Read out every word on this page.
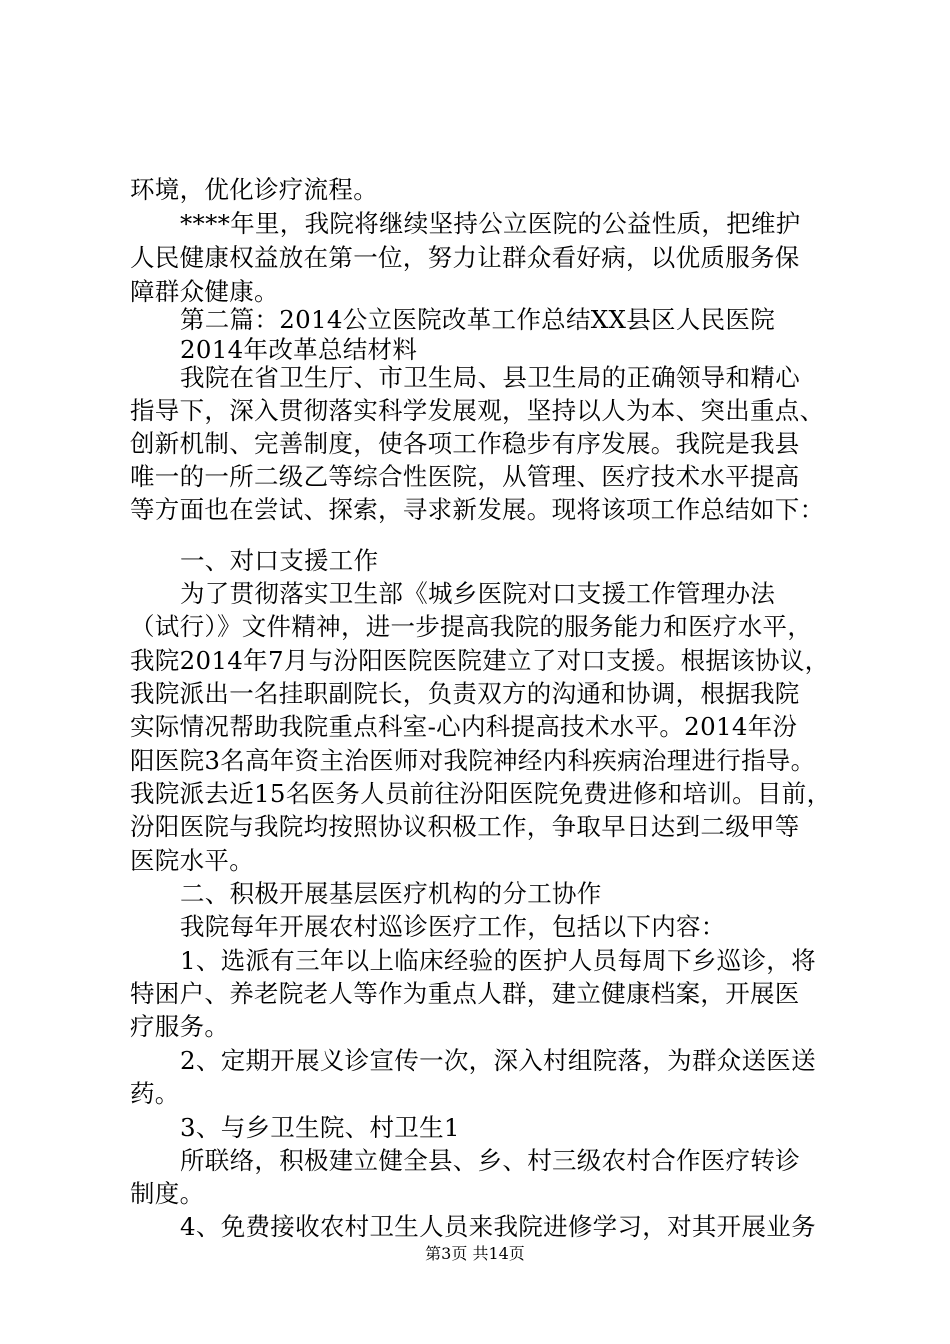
环境，优化诊疗流程。
****年里，我院将继续坚持公立医院的公益性质，把维护
人民健康权益放在第一位，努力让群众看好病，以优质服务保
障群众健康。
第二篇：2014公立医院改革工作总结XX县区人民医院
2014年改革总结材料
我院在省卫生厅、市卫生局、县卫生局的正确领导和精心
指导下，深入贯彻落实科学发展观，坚持以人为本、突出重点、
创新机制、完善制度，使各项工作稳步有序发展。我院是我县
唯一的一所二级乙等综合性医院，从管理、医疗技术水平提高
等方面也在尝试、探索，寻求新发展。现将该项工作总结如下：
一、对口支援工作
为了贯彻落实卫生部《城乡医院对口支援工作管理办法
（试行）》文件精神，进一步提高我院的服务能力和医疗水平，
我院2014年7月与汾阳医院医院建立了对口支援。根据该协议，
我院派出一名挂职副院长，负责双方的沟通和协调，根据我院
实际情况帮助我院重点科室-心内科提高技术水平。2014年汾
阳医院3名高年资主治医师对我院神经内科疾病治理进行指导。
我院派去近15名医务人员前往汾阳医院免费进修和培训。目前，
汾阳医院与我院均按照协议积极工作，争取早日达到二级甲等
医院水平。
二、积极开展基层医疗机构的分工协作
我院每年开展农村巡诊医疗工作，包括以下内容：
1、选派有三年以上临床经验的医护人员每周下乡巡诊，将
特困户、养老院老人等作为重点人群，建立健康档案，开展医
疗服务。
2、定期开展义诊宣传一次，深入村组院落，为群众送医送
药。
3、与乡卫生院、村卫生1
所联络，积极建立健全县、乡、村三级农村合作医疗转诊
制度。
4、免费接收农村卫生人员来我院进修学习，对其开展业务
第3页 共14页
